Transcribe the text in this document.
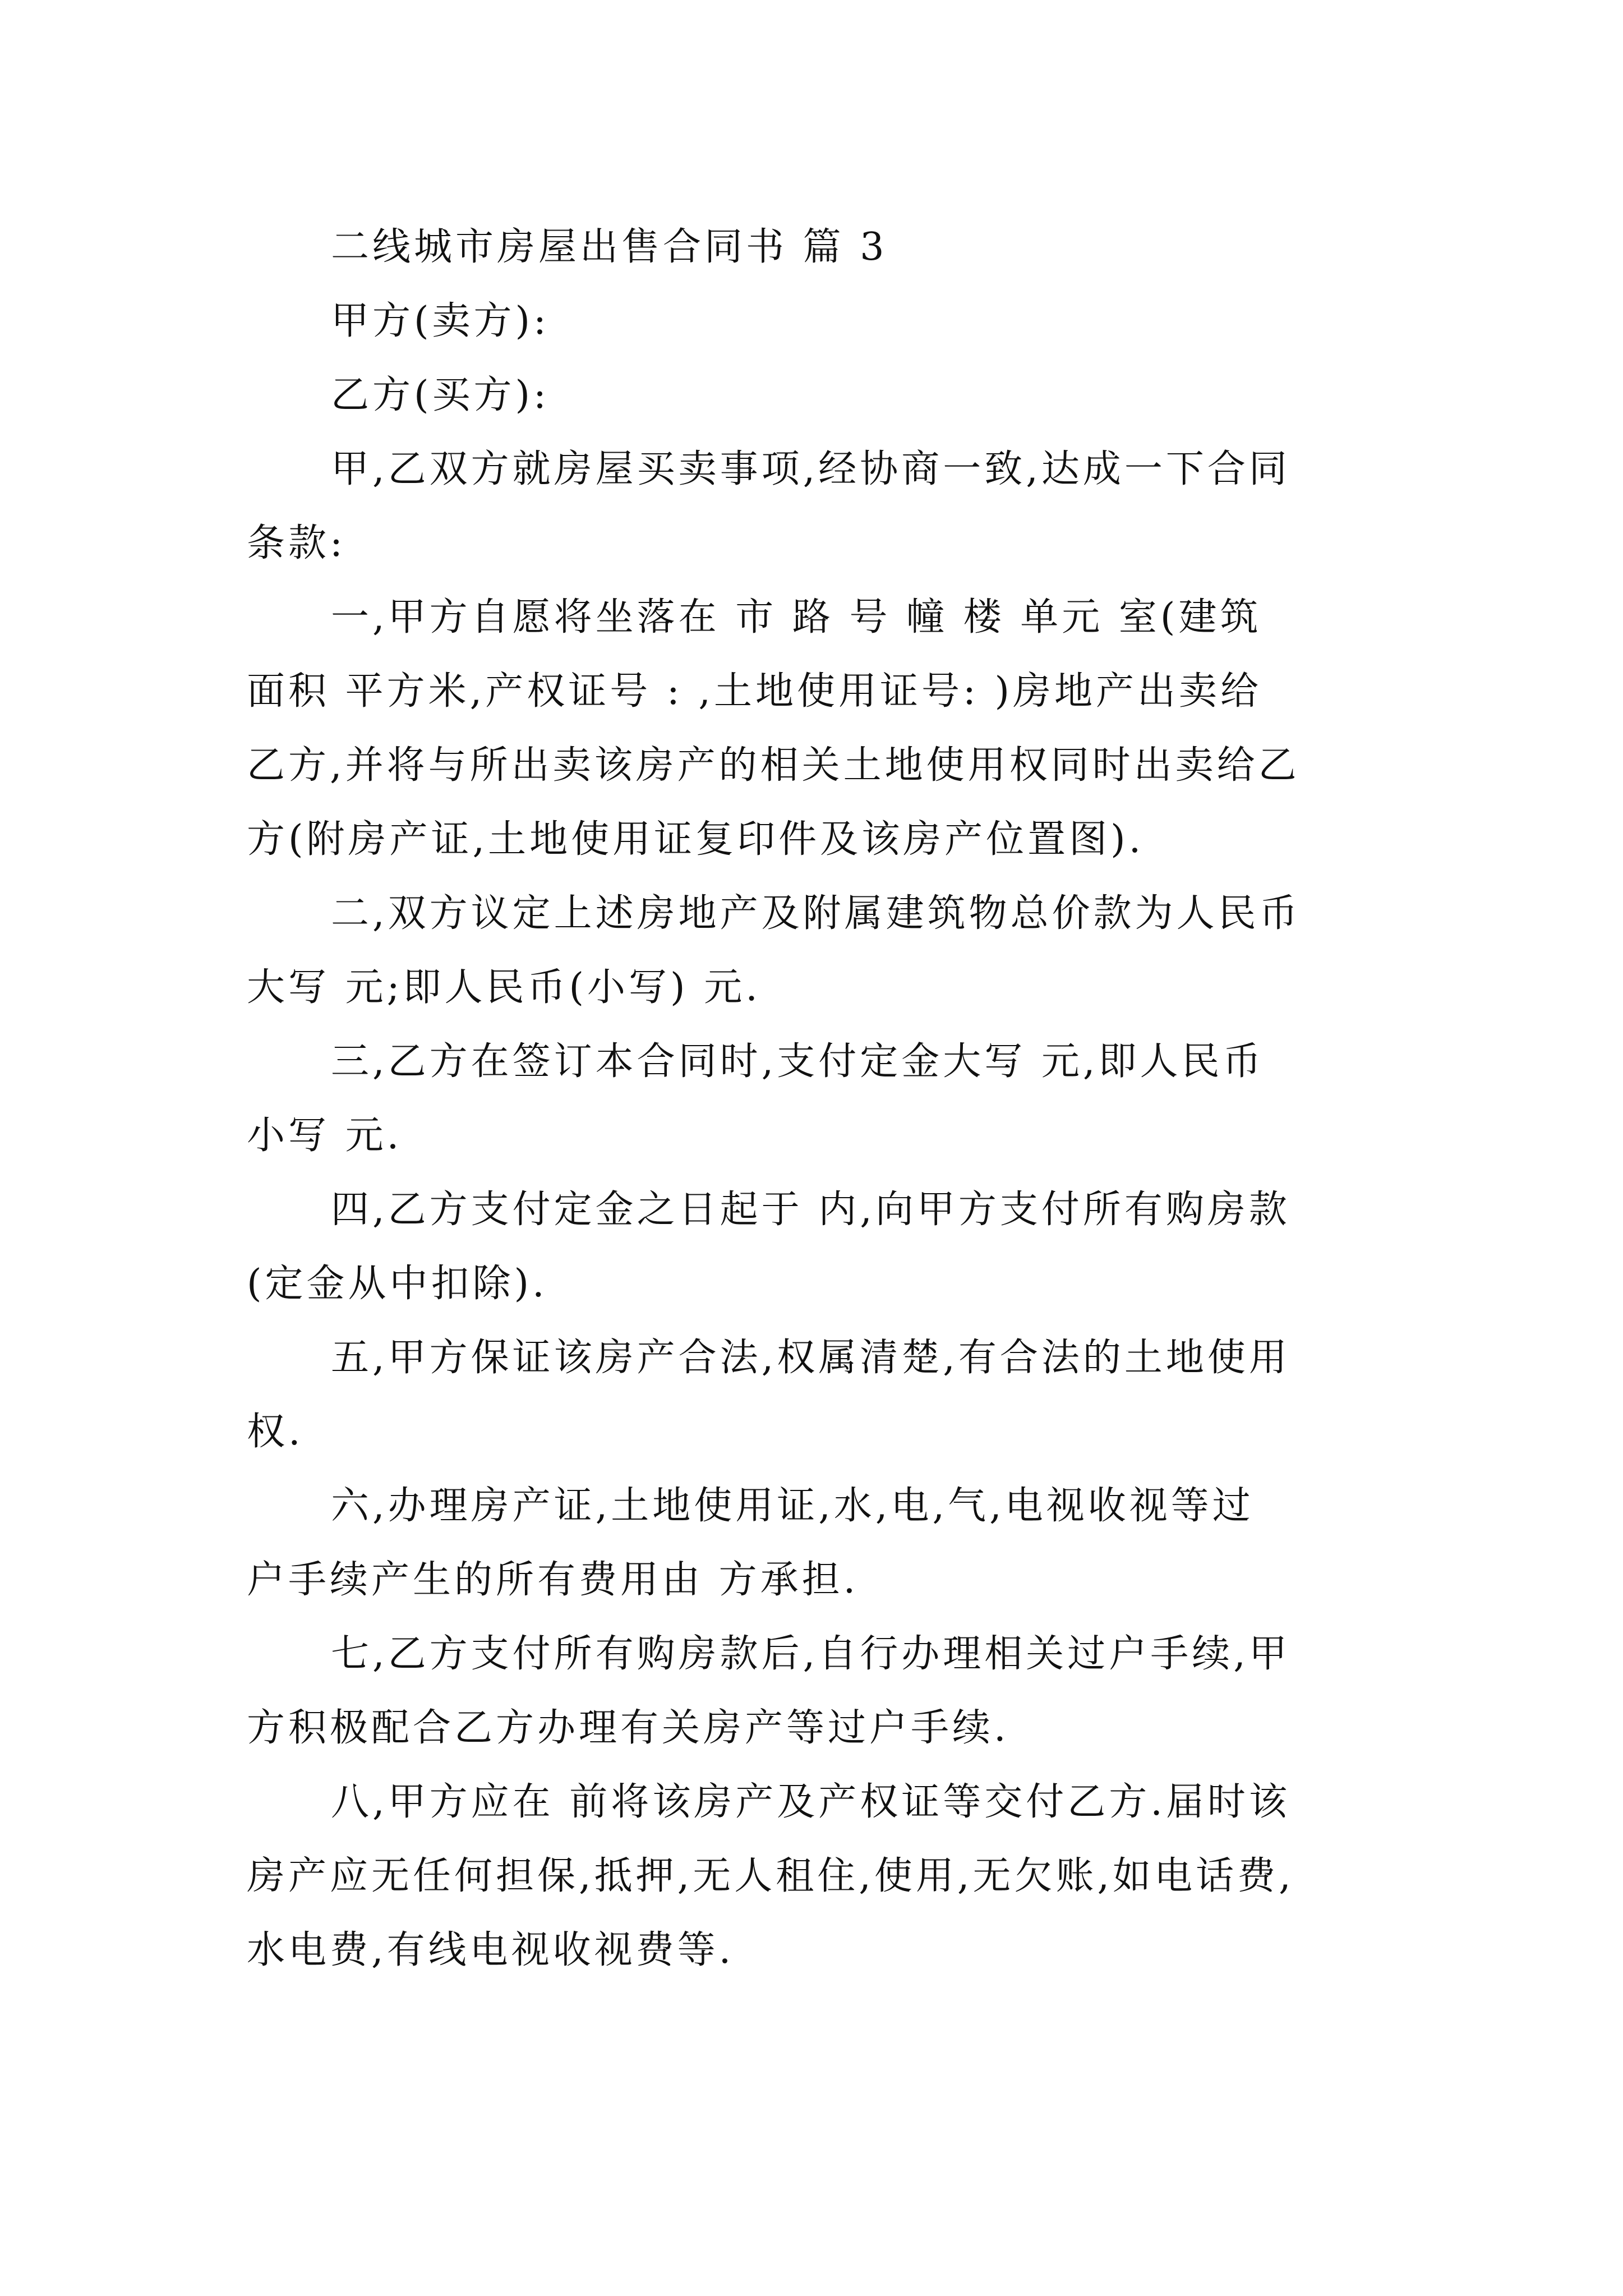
二线城市房屋出售合同书 篇 3
甲方(卖方):
乙方(买方):
甲,乙双方就房屋买卖事项,经协商一致,达成一下合同
条款:
一,甲方自愿将坐落在 市 路 号 幢 楼 单元 室(建筑
面积 平方米,产权证号 : ,土地使用证号: )房地产出卖给
乙方,并将与所出卖该房产的相关土地使用权同时出卖给乙
方(附房产证,土地使用证复印件及该房产位置图).
二,双方议定上述房地产及附属建筑物总价款为人民币
大写 元;即人民币(小写) 元.
三,乙方在签订本合同时,支付定金大写 元,即人民币
小写 元.
四,乙方支付定金之日起于 内,向甲方支付所有购房款
(定金从中扣除).
五,甲方保证该房产合法,权属清楚,有合法的土地使用
权.
六,办理房产证,土地使用证,水,电,气,电视收视等过
户手续产生的所有费用由 方承担.
七,乙方支付所有购房款后,自行办理相关过户手续,甲
方积极配合乙方办理有关房产等过户手续.
八,甲方应在 前将该房产及产权证等交付乙方.届时该
房产应无任何担保,抵押,无人租住,使用,无欠账,如电话费,
水电费,有线电视收视费等.
